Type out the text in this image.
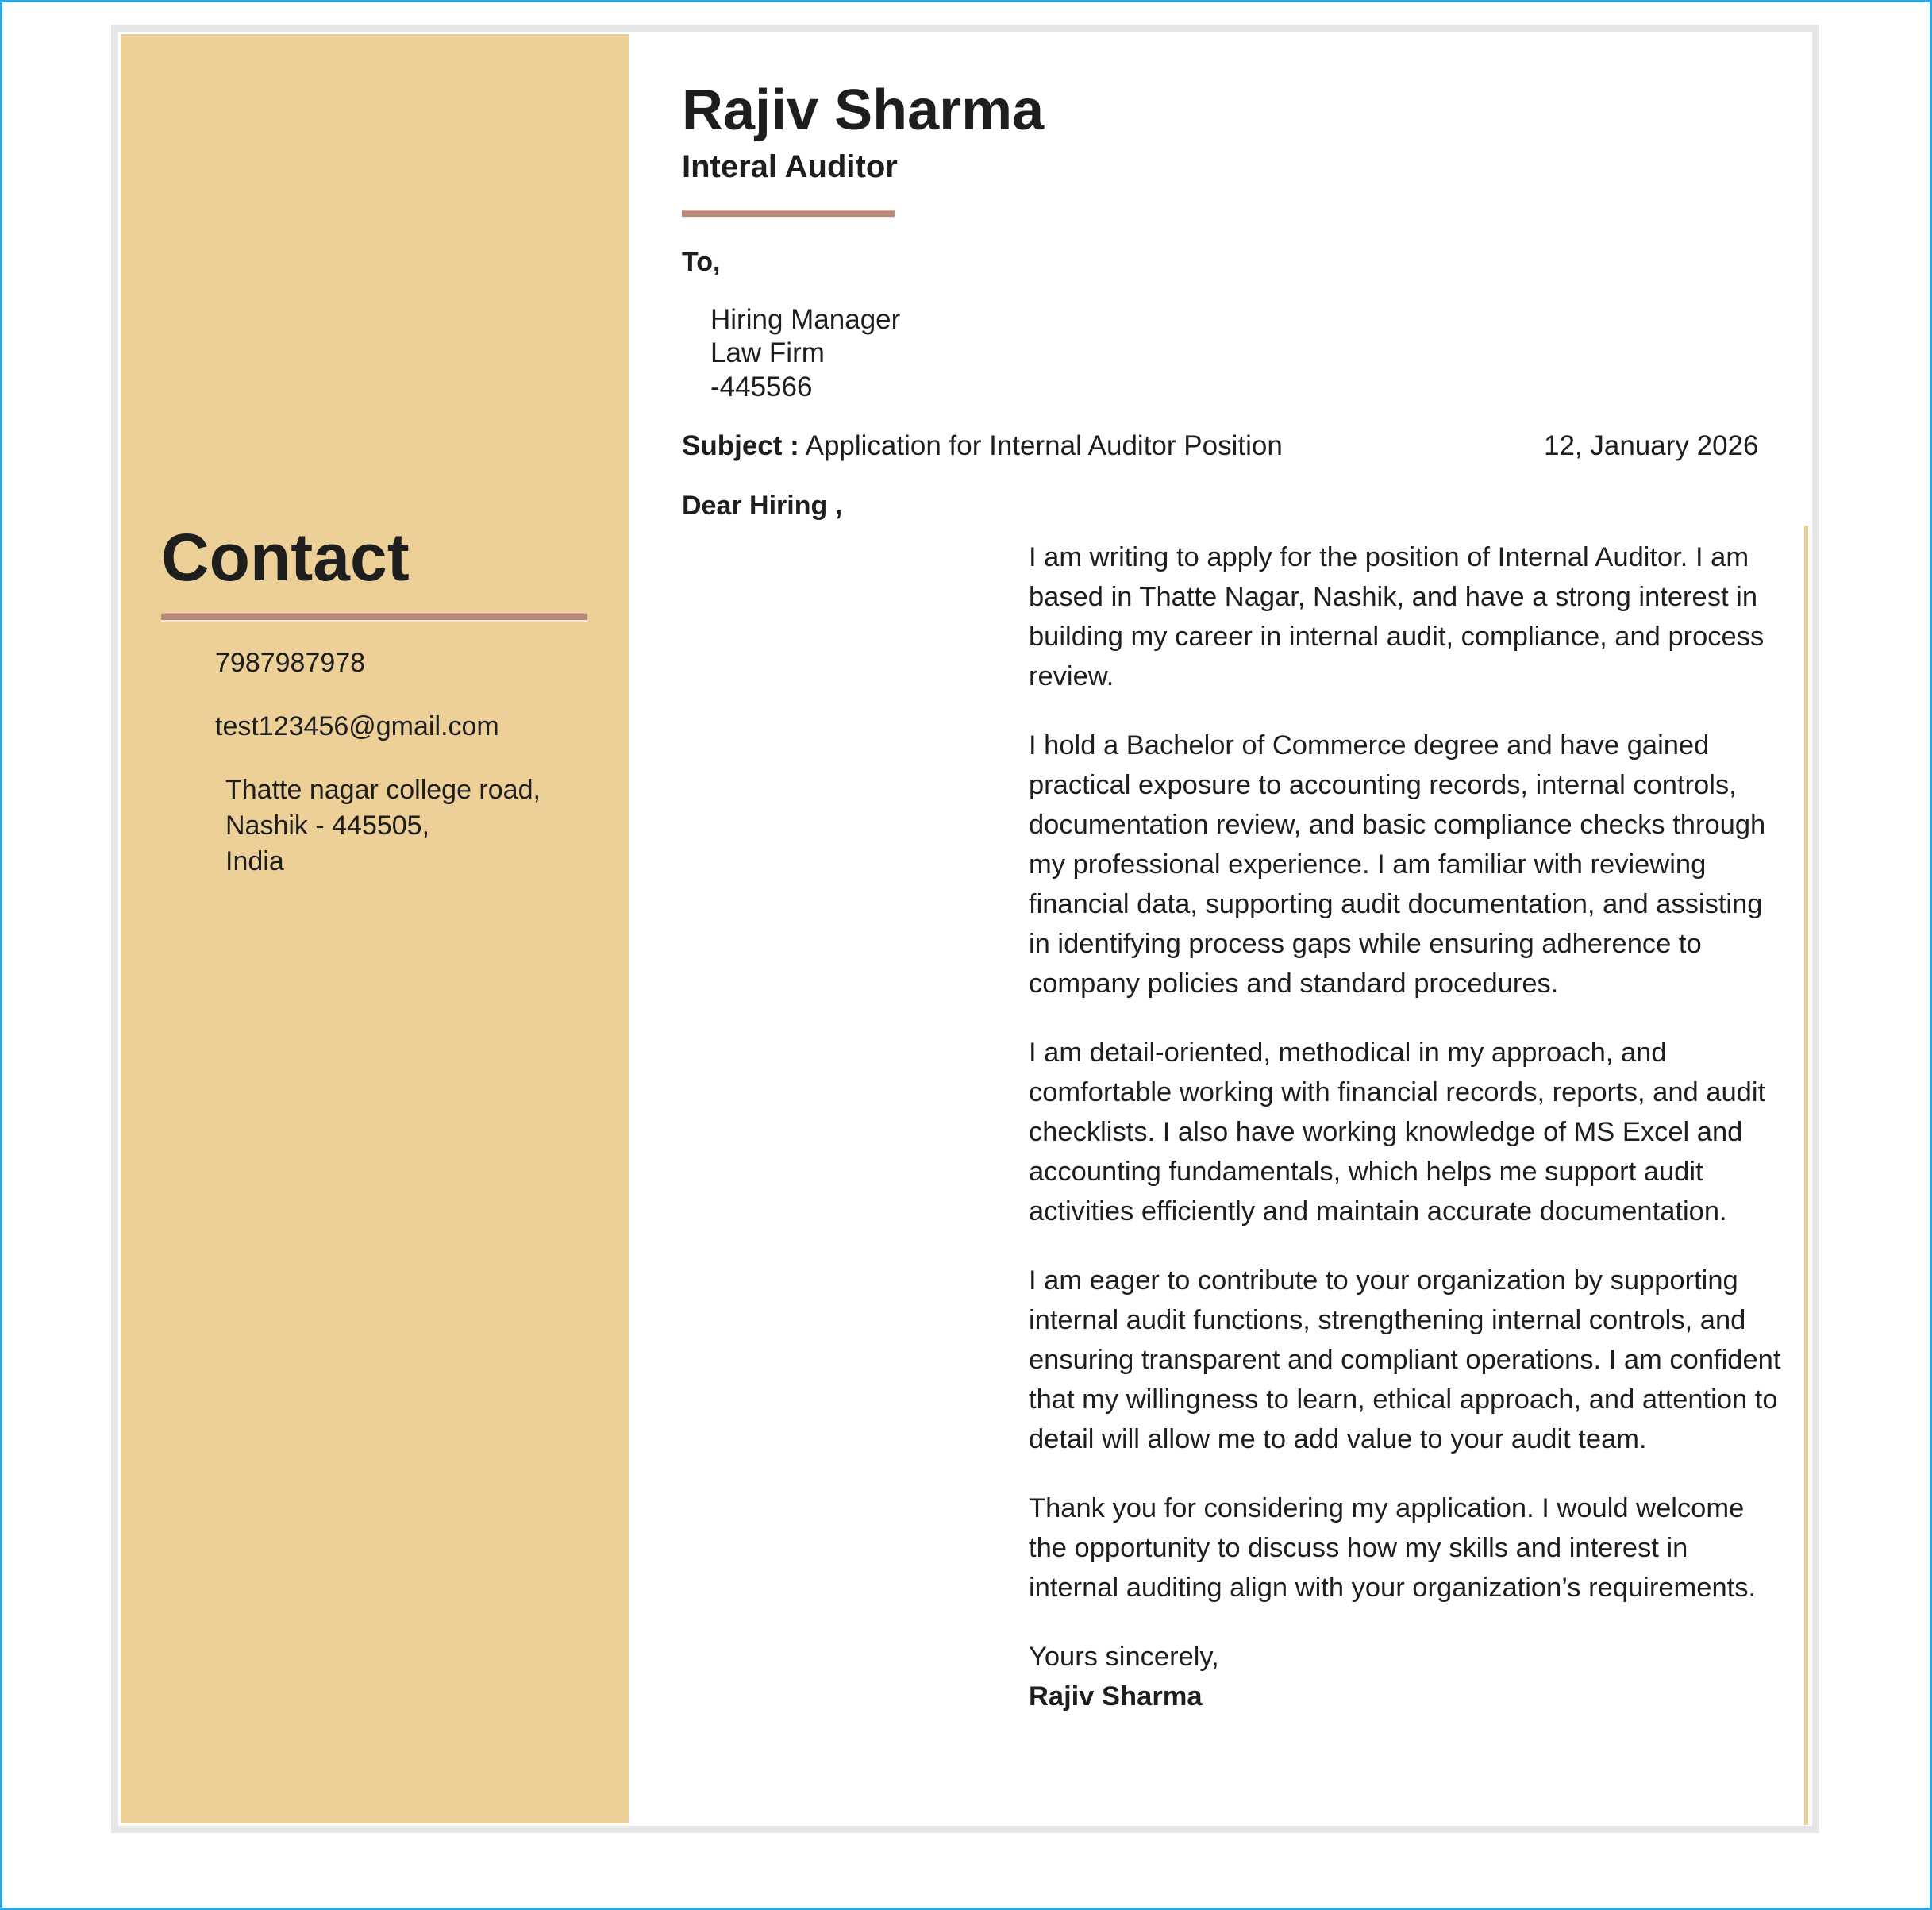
Contact
7987987978
test123456@gmail.com
Thatte nagar college road,
Nashik - 445505,
India
Rajiv Sharma
Interal Auditor
To,
Hiring Manager
Law Firm
-445566
Subject : Application for Internal Auditor Position	12, January 2026
Dear Hiring ,

I am writing to apply for the position of Internal Auditor. I am based in Thatte Nagar, Nashik, and have a strong interest in building my career in internal audit, compliance, and process review.

I hold a Bachelor of Commerce degree and have gained practical exposure to accounting records, internal controls, documentation review, and basic compliance checks through my professional experience. I am familiar with reviewing financial data, supporting audit documentation, and assisting in identifying process gaps while ensuring adherence to company policies and standard procedures.

I am detail-oriented, methodical in my approach, and comfortable working with financial records, reports, and audit checklists. I also have working knowledge of MS Excel and accounting fundamentals, which helps me support audit activities efficiently and maintain accurate documentation.

I am eager to contribute to your organization by supporting internal audit functions, strengthening internal controls, and ensuring transparent and compliant operations. I am confident that my willingness to learn, ethical approach, and attention to detail will allow me to add value to your audit team.

Thank you for considering my application. I would welcome the opportunity to discuss how my skills and interest in internal auditing align with your organization’s requirements.

Yours sincerely,
Rajiv Sharma
